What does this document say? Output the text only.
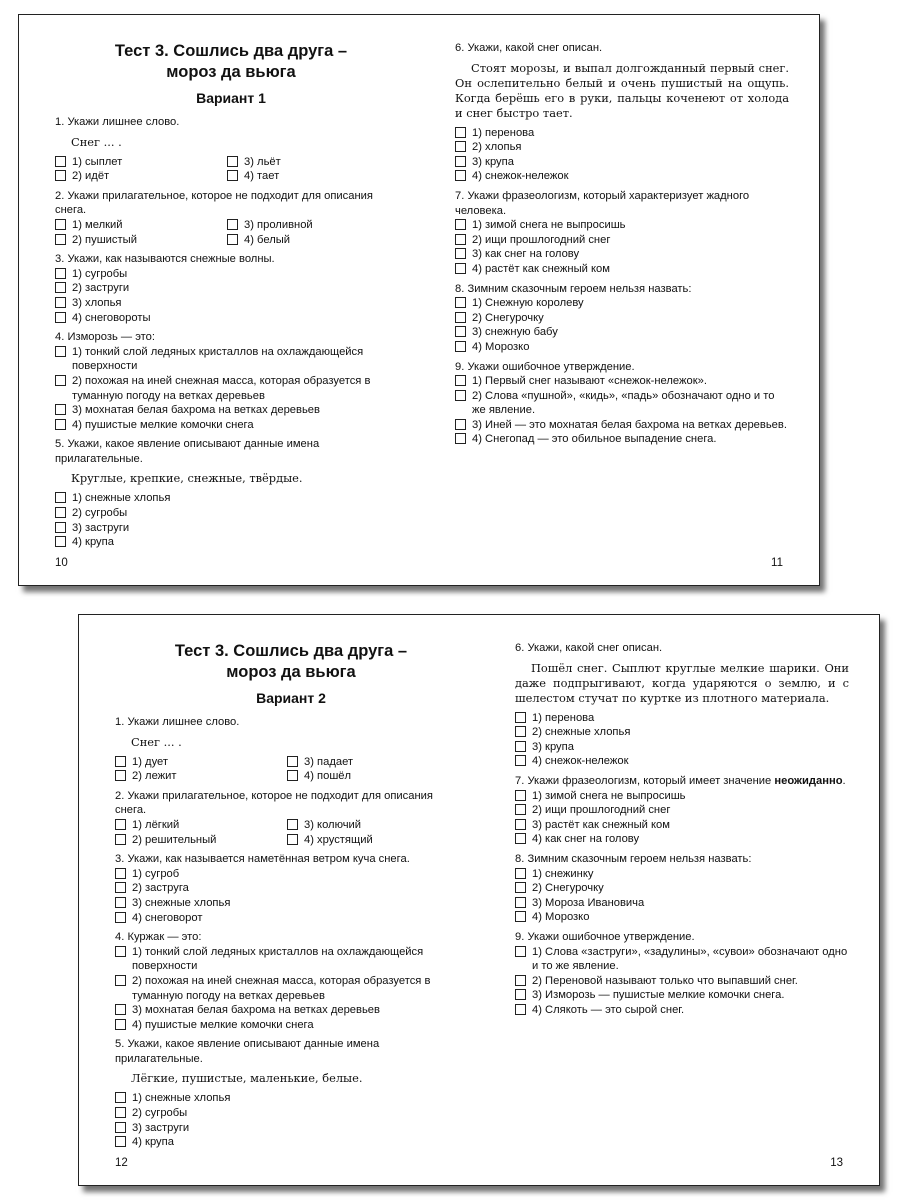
Тест 3. Сошлись два друга –
мороз да вьюга
Вариант 1
1. Укажи лишнее слово.
Снег ... .
1) сыплет	3) льёт
2) идёт	4) тает
2. Укажи прилагательное, которое не подходит для описания снега.
1) мелкий	3) проливной
2) пушистый	4) белый
3. Укажи, как называются снежные волны.
1) сугробы
2) заструги
3) хлопья
4) снеговороты
4. Изморозь — это:
1) тонкий слой ледяных кристаллов на охлаждающейся поверхности
2) похожая на иней снежная масса, которая образуется в туманную погоду на ветках деревьев
3) мохнатая белая бахрома на ветках деревьев
4) пушистые мелкие комочки снега
5. Укажи, какое явление описывают данные имена прилагательные.
Круглые, крепкие, снежные, твёрдые.
1) снежные хлопья
2) сугробы
3) заструги
4) крупа
6. Укажи, какой снег описан.
Стоят морозы, и выпал долгожданный первый снег. Он ослепительно белый и очень пушистый на ощупь. Когда берёшь его в руки, пальцы коченеют от холода и снег быстро тает.
1) перенова
2) хлопья
3) крупа
4) снежок-нележок
7. Укажи фразеологизм, который характеризует жадного человека.
1) зимой снега не выпросишь
2) ищи прошлогодний снег
3) как снег на голову
4) растёт как снежный ком
8. Зимним сказочным героем нельзя назвать:
1) Снежную королеву
2) Снегурочку
3) снежную бабу
4) Морозко
9. Укажи ошибочное утверждение.
1) Первый снег называют «снежок-нележок».
2) Слова «пушной», «кидь», «падь» обозначают одно и то же явление.
3) Иней — это мохнатая белая бахрома на ветках деревьев.
4) Снегопад — это обильное выпадение снега.
10	11
Тест 3. Сошлись два друга –
мороз да вьюга
Вариант 2
1. Укажи лишнее слово.
Снег ... .
1) дует	3) падает
2) лежит	4) пошёл
2. Укажи прилагательное, которое не подходит для описания снега.
1) лёгкий	3) колючий
2) решительный	4) хрустящий
3. Укажи, как называется наметённая ветром куча снега.
1) сугроб
2) заструга
3) снежные хлопья
4) снеговорот
4. Куржак — это:
1) тонкий слой ледяных кристаллов на охлаждающейся поверхности
2) похожая на иней снежная масса, которая образуется в туманную погоду на ветках деревьев
3) мохнатая белая бахрома на ветках деревьев
4) пушистые мелкие комочки снега
5. Укажи, какое явление описывают данные имена прилагательные.
Лёгкие, пушистые, маленькие, белые.
1) снежные хлопья
2) сугробы
3) заструги
4) крупа
6. Укажи, какой снег описан.
Пошёл снег. Сыплют круглые мелкие шарики. Они даже подпрыгивают, когда ударяются о землю, и с шелестом стучат по куртке из плотного материала.
1) перенова
2) снежные хлопья
3) крупа
4) снежок-нележок
7. Укажи фразеологизм, который имеет значение неожиданно.
1) зимой снега не выпросишь
2) ищи прошлогодний снег
3) растёт как снежный ком
4) как снег на голову
8. Зимним сказочным героем нельзя назвать:
1) снежинку
2) Снегурочку
3) Мороза Ивановича
4) Морозко
9. Укажи ошибочное утверждение.
1) Слова «заструги», «задулины», «сувои» обозначают одно и то же явление.
2) Переновой называют только что выпавший снег.
3) Изморозь — пушистые мелкие комочки снега.
4) Слякоть — это сырой снег.
12	13
